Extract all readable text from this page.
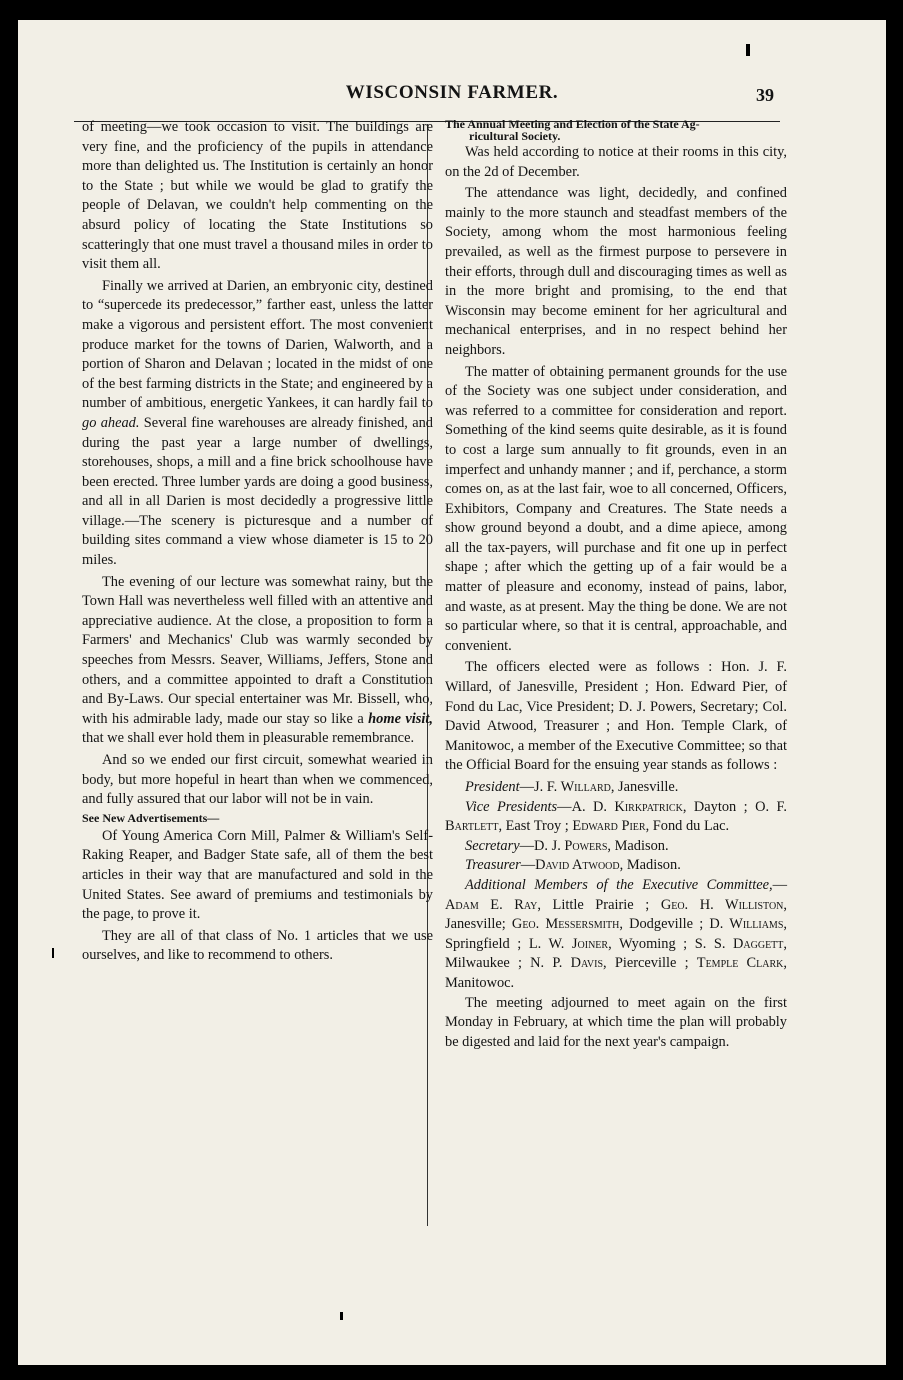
WISCONSIN FARMER.	39

of meeting—we took occasion to visit. The buildings are very fine, and the proficiency of the pupils in attendance more than delighted us. The Institution is certainly an honor to the State ; but while we would be glad to gratify the people of Delavan, we couldn't help commenting on the absurd policy of locating the State Institutions so scatteringly that one must travel a thousand miles in order to visit them all.

Finally we arrived at Darien, an embryonic city, destined to “supercede its predecessor,” farther east, unless the latter make a vigorous and persistent effort. The most convenient produce market for the towns of Darien, Walworth, and a portion of Sharon and Delavan ; located in the midst of one of the best farming districts in the State; and engineered by a number of ambitious, energetic Yankees, it can hardly fail to go ahead. Several fine warehouses are already finished, and during the past year a large number of dwellings, storehouses, shops, a mill and a fine brick schoolhouse have been erected. Three lumber yards are doing a good business, and all in all Darien is most decidedly a progressive little village.—The scenery is picturesque and a number of building sites command a view whose diameter is 15 to 20 miles.

The evening of our lecture was somewhat rainy, but the Town Hall was nevertheless well filled with an attentive and appreciative audience. At the close, a proposition to form a Farmers' and Mechanics' Club was warmly seconded by speeches from Messrs. Seaver, Williams, Jeffers, Stone and others, and a committee appointed to draft a Constitution and By-Laws. Our special entertainer was Mr. Bissell, who, with his admirable lady, made our stay so like a home visit, that we shall ever hold them in pleasurable remembrance.

And so we ended our first circuit, somewhat wearied in body, but more hopeful in heart than when we commenced, and fully assured that our labor will not be in vain.

See New Advertisements—

Of Young America Corn Mill, Palmer & William's Self-Raking Reaper, and Badger State safe, all of them the best articles in their way that are manufactured and sold in the United States. See award of premiums and testimonials by the page, to prove it.

They are all of that class of No. 1 articles that we use ourselves, and like to recommend to others.

The Annual Meeting and Election of the State Ag-
ricultural Society.

Was held according to notice at their rooms in this city, on the 2d of December.

The attendance was light, decidedly, and confined mainly to the more staunch and steadfast members of the Society, among whom the most harmonious feeling prevailed, as well as the firmest purpose to persevere in their efforts, through dull and discouraging times as well as in the more bright and promising, to the end that Wisconsin may become eminent for her agricultural and mechanical enterprises, and in no respect behind her neighbors.

The matter of obtaining permanent grounds for the use of the Society was one subject under consideration, and was referred to a committee for consideration and report. Something of the kind seems quite desirable, as it is found to cost a large sum annually to fit grounds, even in an imperfect and unhandy manner ; and if, perchance, a storm comes on, as at the last fair, woe to all concerned, Officers, Exhibitors, Company and Creatures. The State needs a show ground beyond a doubt, and a dime apiece, among all the tax-payers, will purchase and fit one up in perfect shape ; after which the getting up of a fair would be a matter of pleasure and economy, instead of pains, labor, and waste, as at present. May the thing be done. We are not so particular where, so that it is central, approachable, and convenient.

The officers elected were as follows : Hon. J. F. Willard, of Janesville, President ; Hon. Edward Pier, of Fond du Lac, Vice President; D. J. Powers, Secretary; Col. David Atwood, Treasurer ; and Hon. Temple Clark, of Manitowoc, a member of the Executive Committee; so that the Official Board for the ensuing year stands as follows :

President—J. F. Willard, Janesville.

Vice Presidents—A. D. Kirkpatrick, Dayton ; O. F. Bartlett, East Troy ; Edward Pier, Fond du Lac.

Secretary—D. J. Powers, Madison.

Treasurer—David Atwood, Madison.

Additional Members of the Executive Committee,—Adam E. Ray, Little Prairie ; Geo. H. Williston, Janesville; Geo. Messersmith, Dodgeville ; D. Williams, Springfield ; L. W. Joiner, Wyoming ; S. S. Daggett, Milwaukee ; N. P. Davis, Pierceville ; Temple Clark, Manitowoc.

The meeting adjourned to meet again on the first Monday in February, at which time the plan will probably be digested and laid for the next year's campaign.
